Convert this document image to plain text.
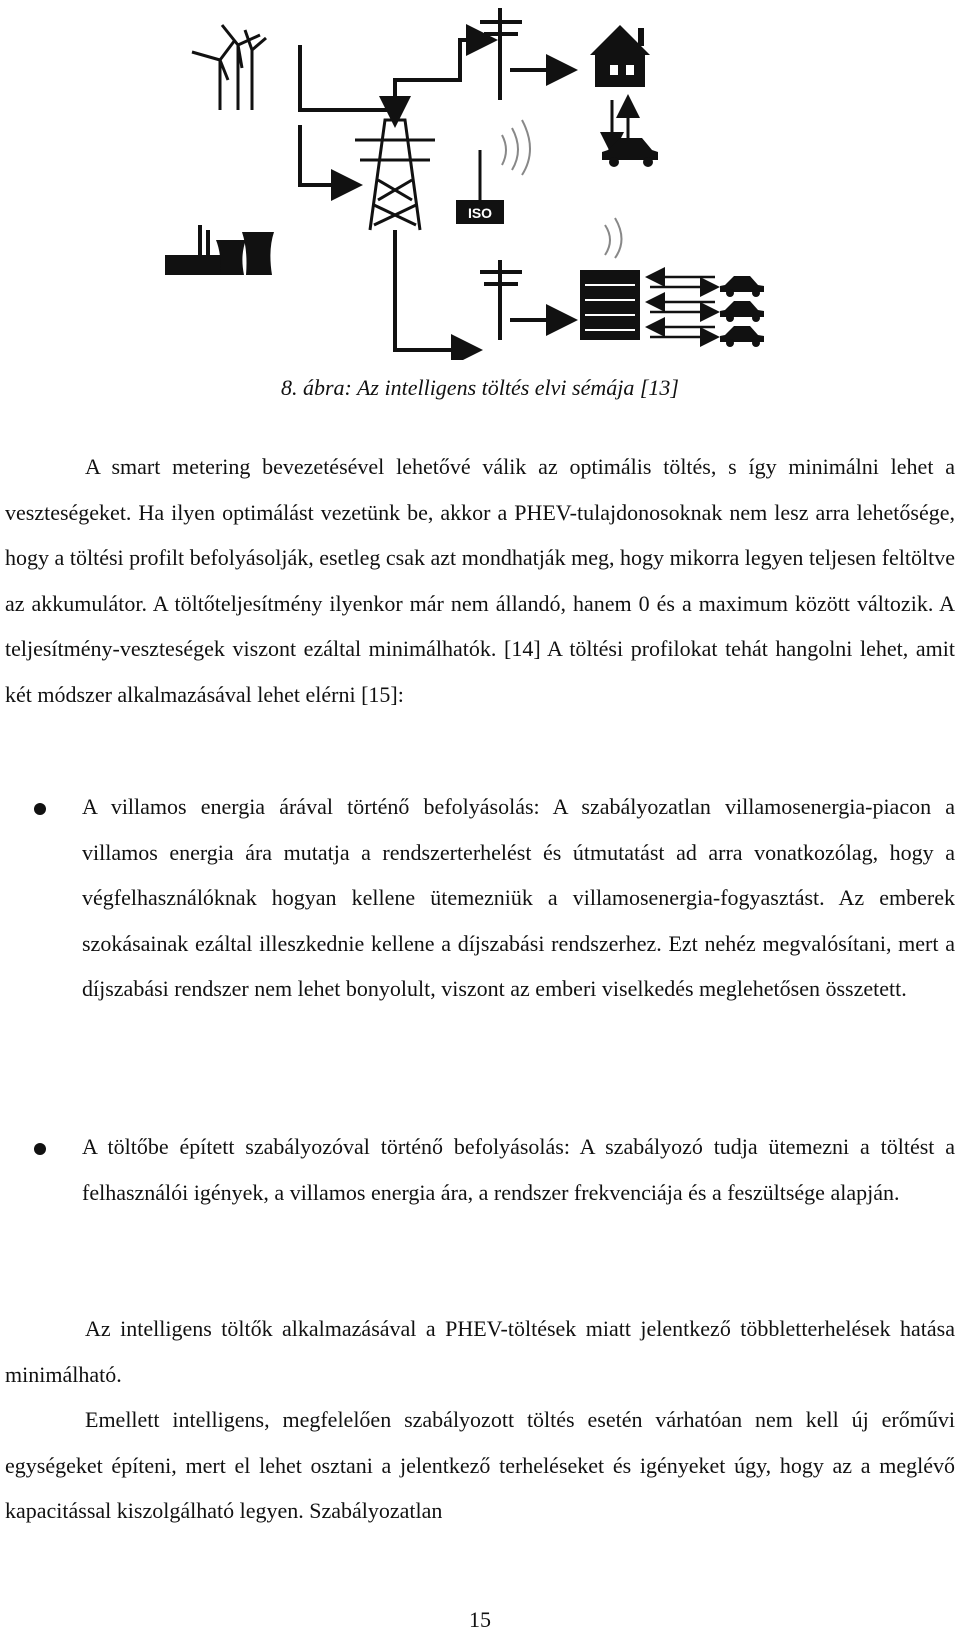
ISO
8. ábra: Az intelligens töltés elvi sémája [13]
A smart metering bevezetésével lehetővé válik az optimális töltés, s így minimálni lehet a veszteségeket. Ha ilyen optimálást vezetünk be, akkor a PHEV-tulajdonosoknak nem lesz arra lehetősége, hogy a töltési profilt befolyásolják, esetleg csak azt mondhatják meg, hogy mikorra legyen teljesen feltöltve az akkumulátor. A töltőteljesítmény ilyenkor már nem állandó, hanem 0 és a maximum között változik. A teljesítmény-veszteségek viszont ezáltal minimálhatók. [14] A töltési profilokat tehát hangolni lehet, amit két módszer alkalmazásával lehet elérni [15]:
A villamos energia árával történő befolyásolás: A szabályozatlan villamosenergia-piacon a villamos energia ára mutatja a rendszerterhelést és útmutatást ad arra vonatkozólag, hogy a végfelhasználóknak hogyan kellene ütemezniük a villamosenergia-fogyasztást. Az emberek szokásainak ezáltal illeszkednie kellene a díjszabási rendszerhez. Ezt nehéz megvalósítani, mert a díjszabási rendszer nem lehet bonyolult, viszont az emberi viselkedés meglehetősen összetett.
A töltőbe épített szabályozóval történő befolyásolás: A szabályozó tudja ütemezni a töltést a felhasználói igények, a villamos energia ára, a rendszer frekvenciája és a feszültsége alapján.
Az intelligens töltők alkalmazásával a PHEV-töltések miatt jelentkező többletterhelések hatása minimálható.
Emellett intelligens, megfelelően szabályozott töltés esetén várhatóan nem kell új erőművi egységeket építeni, mert el lehet osztani a jelentkező terheléseket és igényeket úgy, hogy az a meglévő kapacitással kiszolgálható legyen. Szabályozatlan
15
